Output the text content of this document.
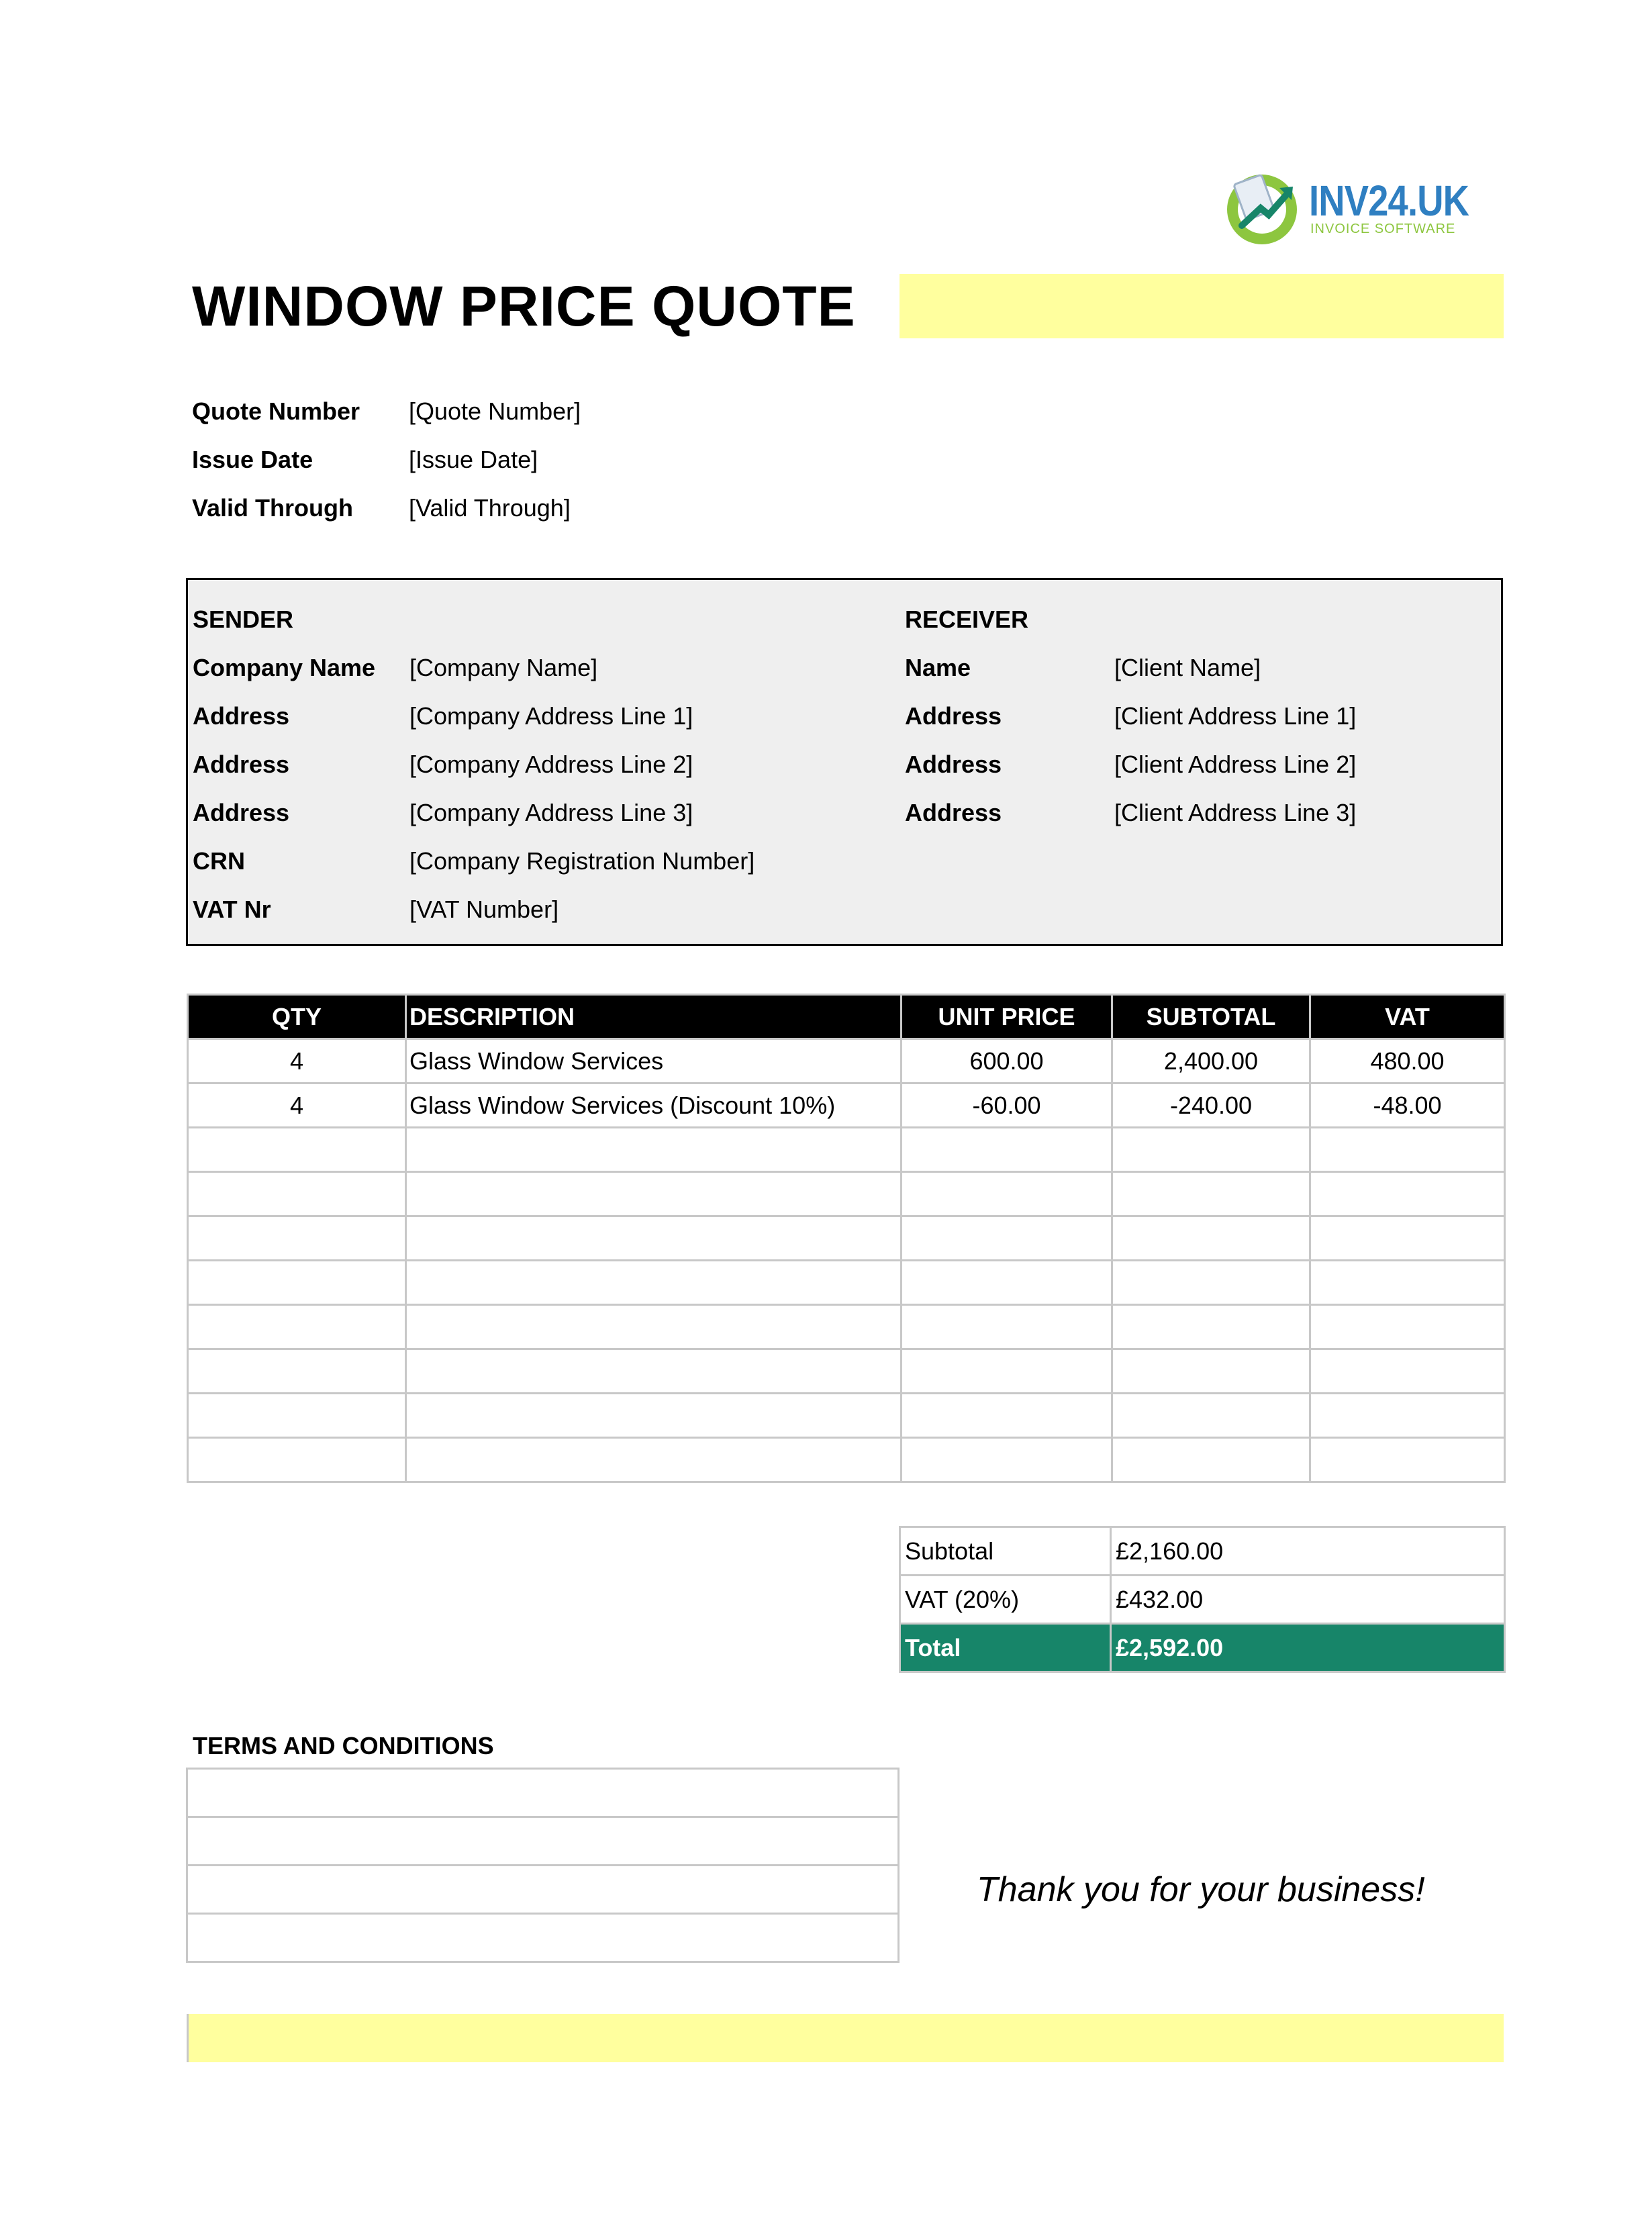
INV24.UK
INVOICE SOFTWARE
WINDOW PRICE QUOTE
Quote Number [Quote Number]
Issue Date	[Issue Date]
Valid Through [Valid Through]
SENDER
Company Name [Company Name]
Address	[Company Address Line 1]
Address	[Company Address Line 2]
Address	[Company Address Line 3]
CRN	[Company Registration Number]
VAT Nr	[VAT Number]
RECEIVER
Name	[Client Name]
Address	[Client Address Line 1]
Address	[Client Address Line 2]
Address	[Client Address Line 3]
QTY	DESCRIPTION	UNIT PRICE	SUBTOTAL	VAT
4	Glass Window Services	600.00	2,400.00	480.00
4	Glass Window Services (Discount 10%)	-60.00	-240.00	-48.00

Subtotal	£2,160.00
VAT (20%)	£432.00
Total	£2,592.00
TERMS AND CONDITIONS

Thank you for your business!
